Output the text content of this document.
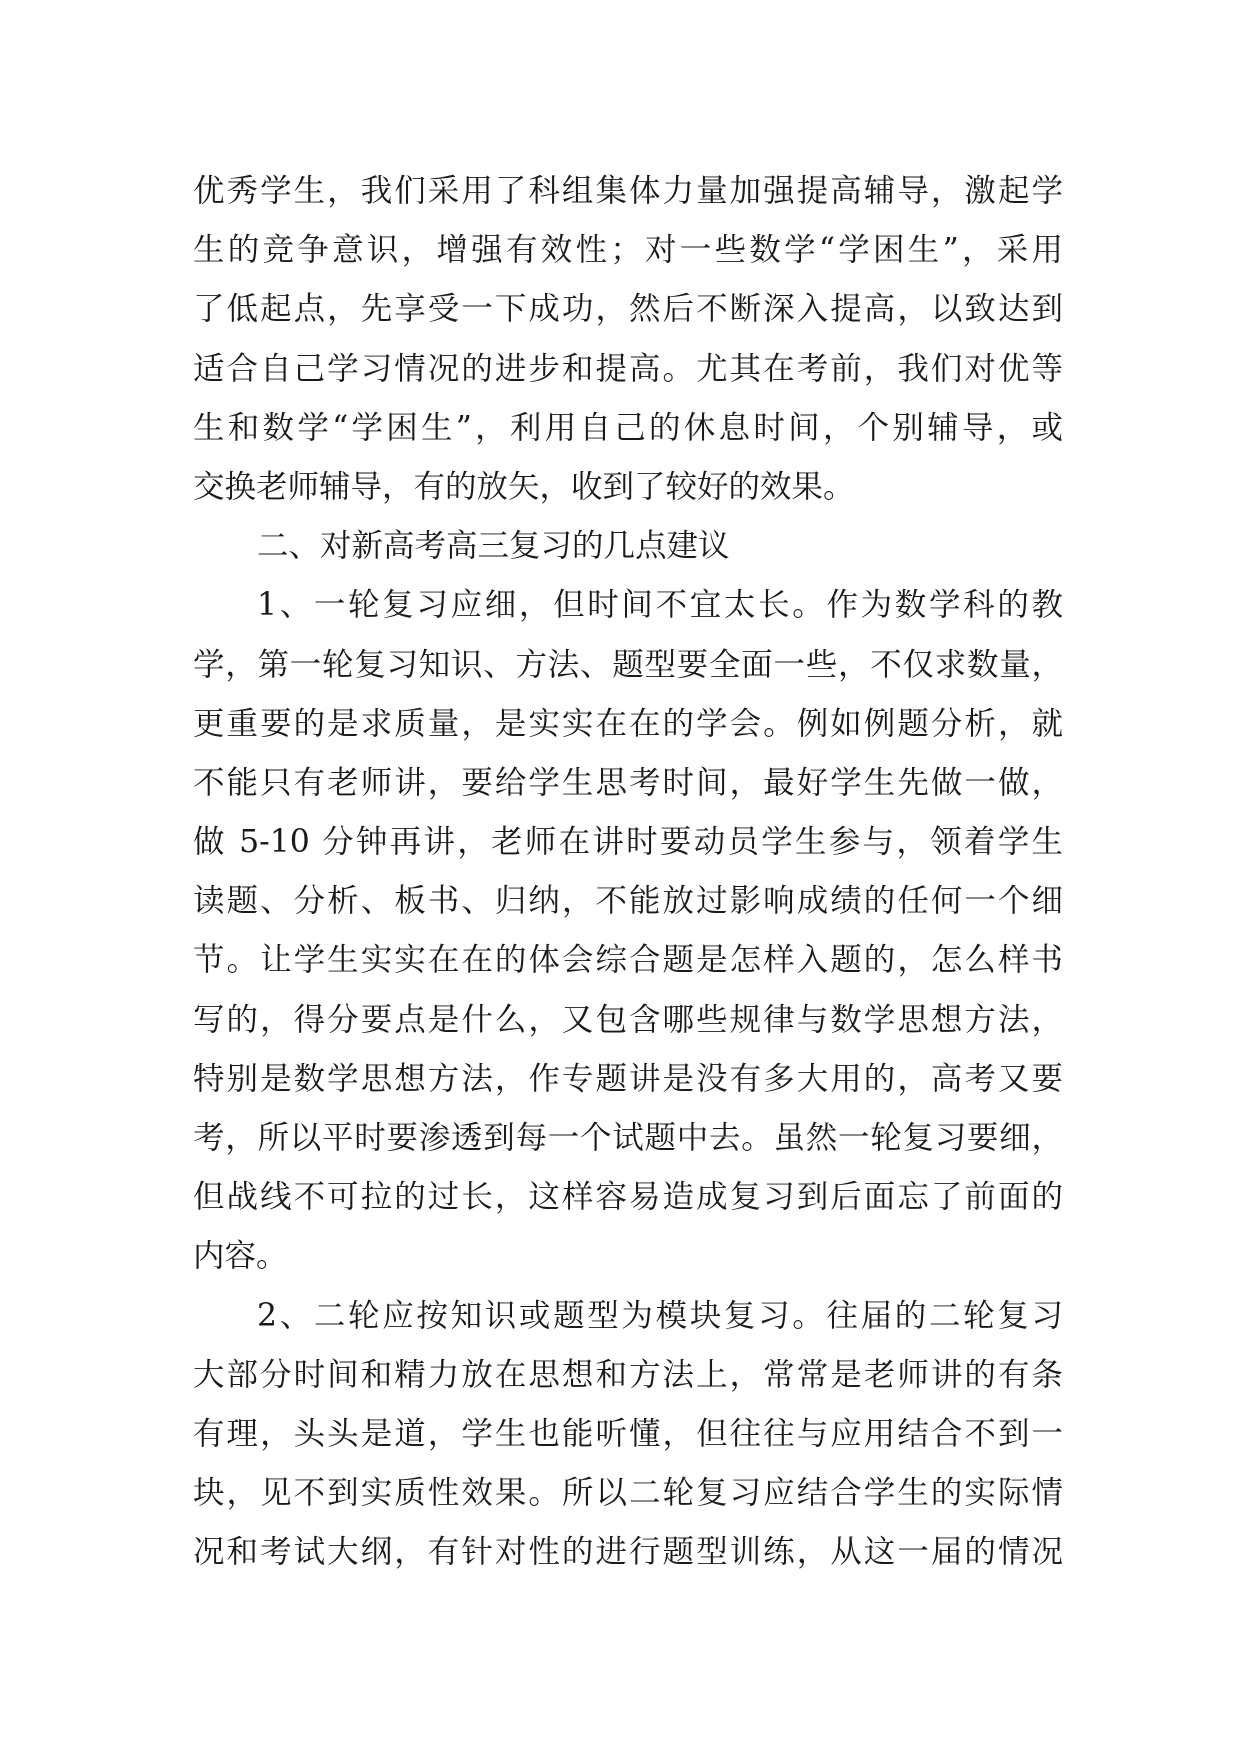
优秀学生，我们采用了科组集体力量加强提高辅导，激起学
生的竞争意识，增强有效性；对一些数学“学困生”，采用
了低起点，先享受一下成功，然后不断深入提高，以致达到
适合自己学习情况的进步和提高。尤其在考前，我们对优等
生和数学“学困生”，利用自己的休息时间，个别辅导，或
交换老师辅导，有的放矢，收到了较好的效果。
二、对新高考高三复习的几点建议
1、一轮复习应细，但时间不宜太长。作为数学科的教
学，第一轮复习知识、方法、题型要全面一些，不仅求数量，
更重要的是求质量，是实实在在的学会。例如例题分析，就
不能只有老师讲，要给学生思考时间，最好学生先做一做，
做 5-10 分钟再讲，老师在讲时要动员学生参与，领着学生
读题、分析、板书、归纳，不能放过影响成绩的任何一个细
节。让学生实实在在的体会综合题是怎样入题的，怎么样书
写的，得分要点是什么，又包含哪些规律与数学思想方法，
特别是数学思想方法，作专题讲是没有多大用的，高考又要
考，所以平时要渗透到每一个试题中去。虽然一轮复习要细，
但战线不可拉的过长，这样容易造成复习到后面忘了前面的
内容。
2、二轮应按知识或题型为模块复习。往届的二轮复习
大部分时间和精力放在思想和方法上，常常是老师讲的有条
有理，头头是道，学生也能听懂，但往往与应用结合不到一
块，见不到实质性效果。所以二轮复习应结合学生的实际情
况和考试大纲，有针对性的进行题型训练，从这一届的情况
